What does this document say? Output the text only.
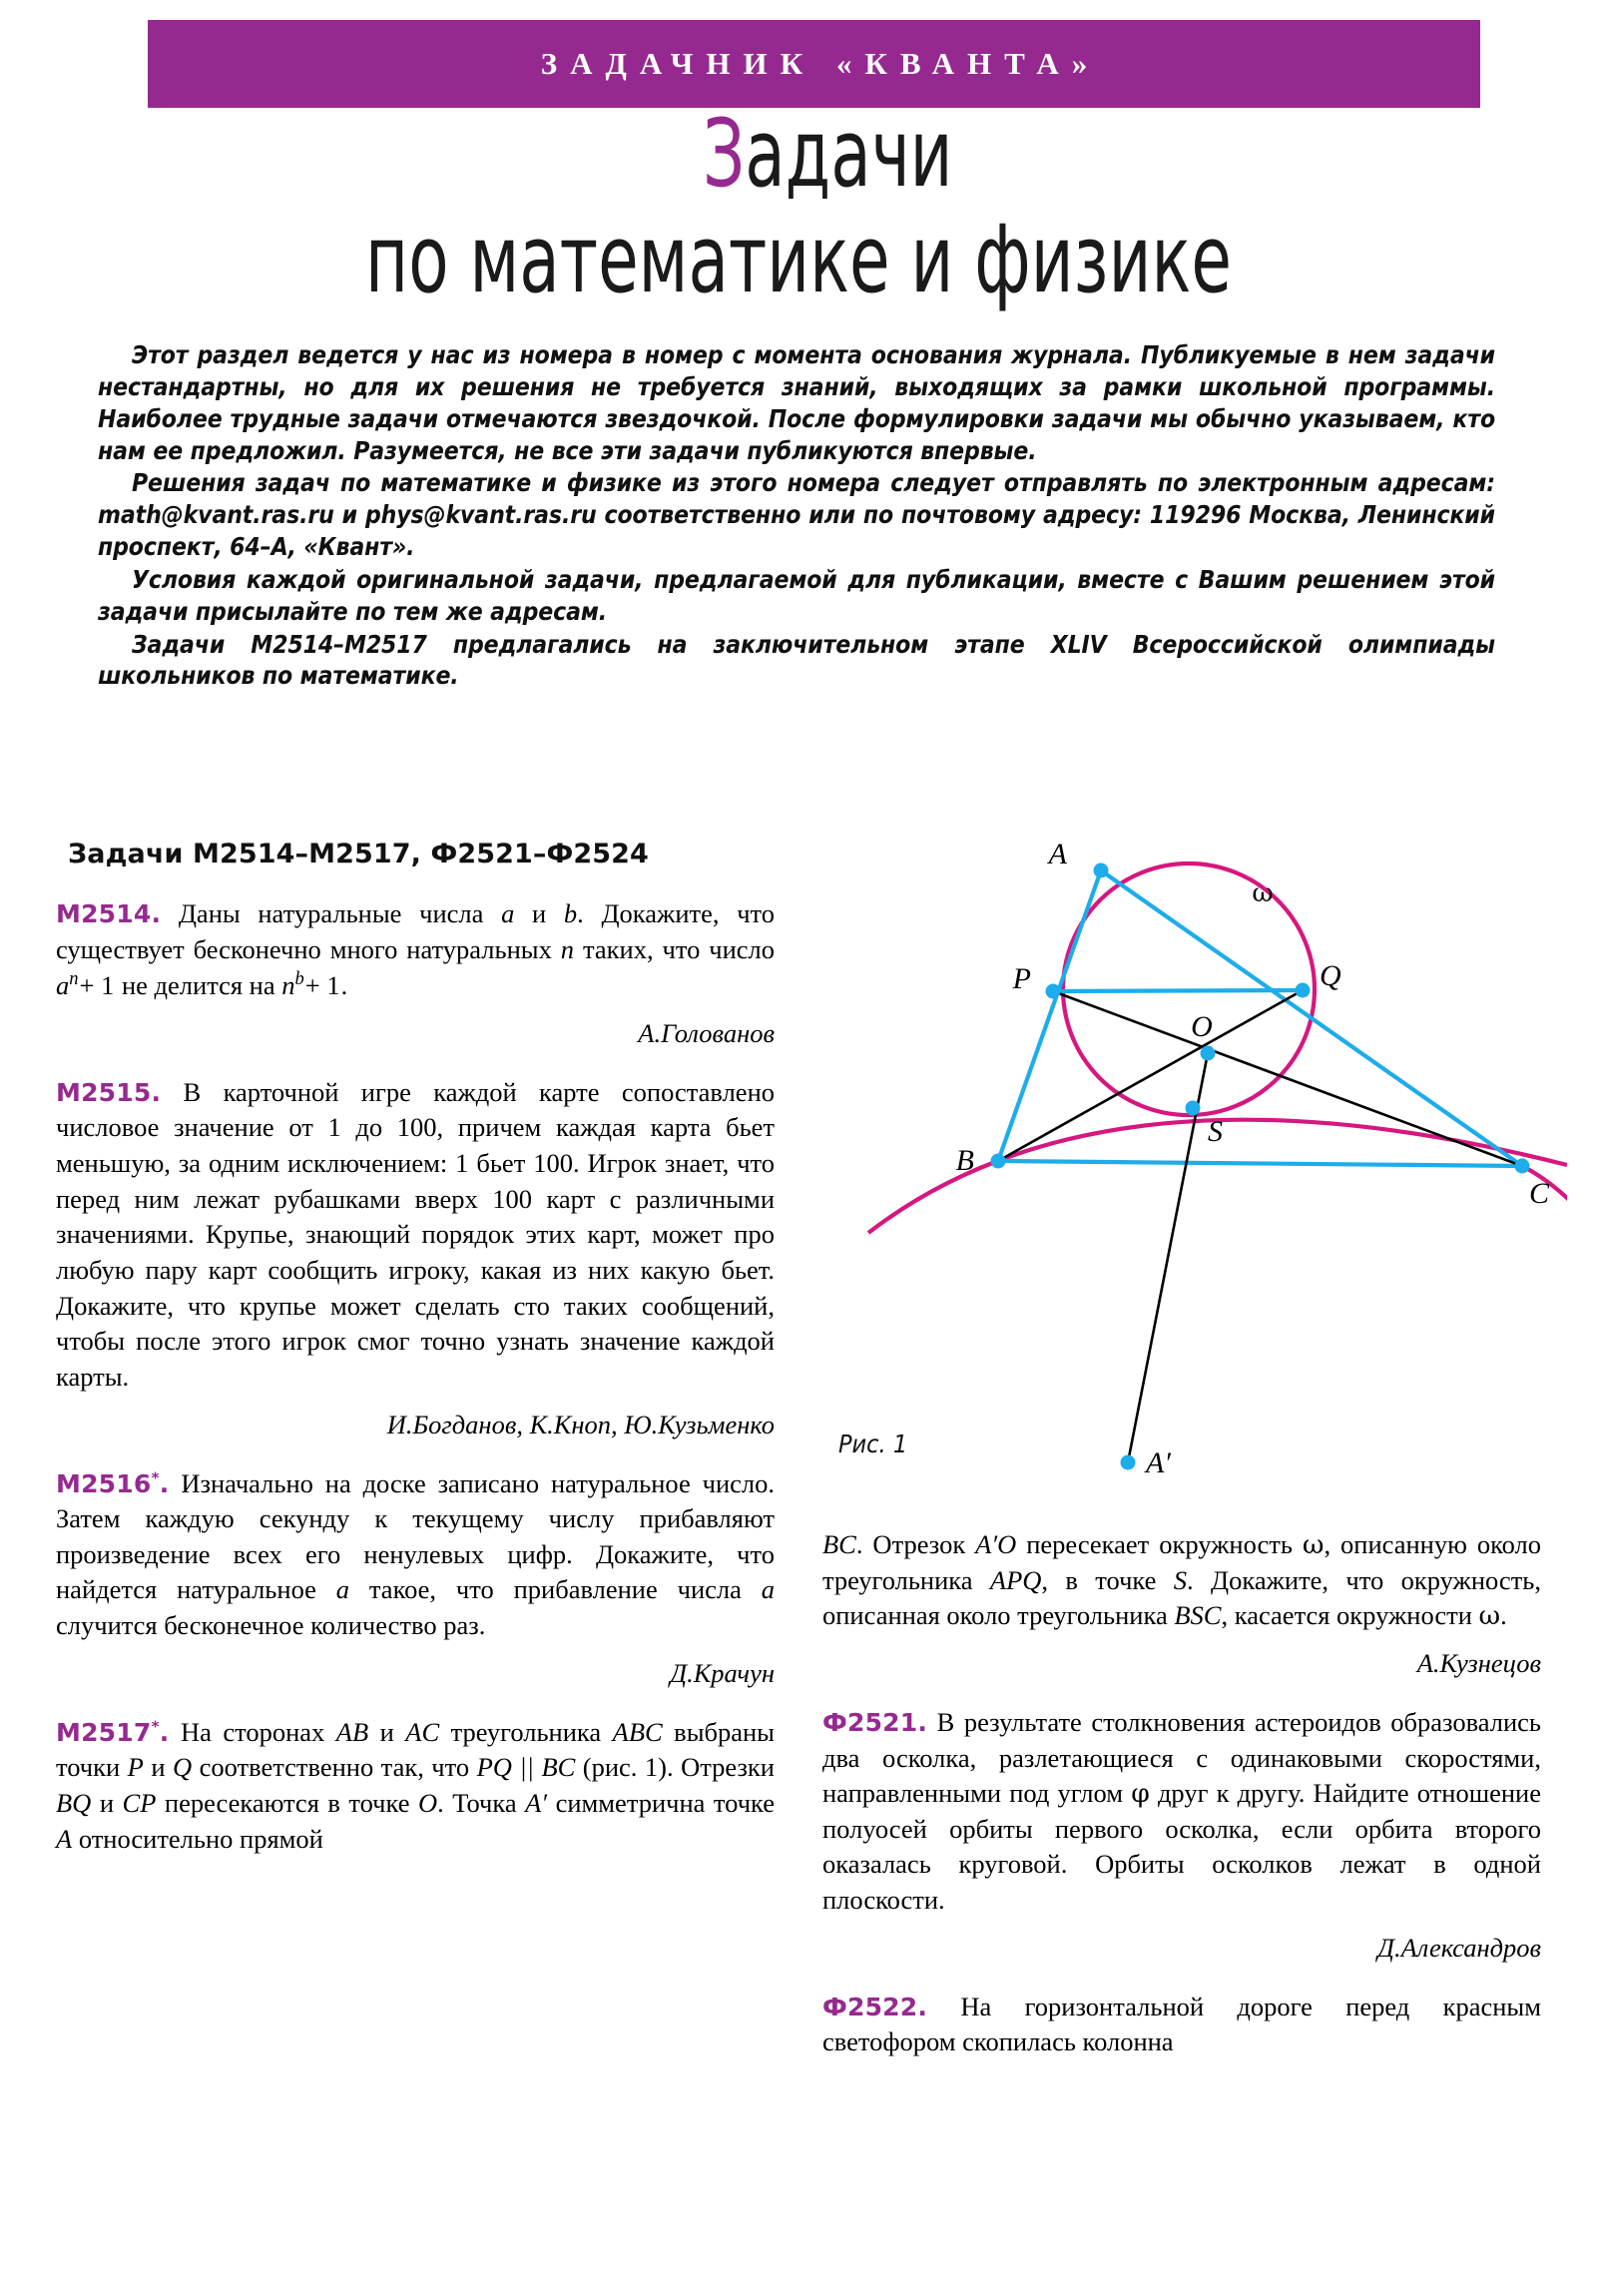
ЗАДАЧНИК «КВАНТА»
Задачи
по математике и физике

Этот раздел ведется у нас из номера в номер с момента основания журнала. Публикуемые в нем задачи нестандартны, но для их решения не требуется знаний, выходящих за рамки школьной программы. Наиболее трудные задачи отмечаются звездочкой. После формулировки задачи мы обычно указываем, кто нам ее предложил. Разумеется, не все эти задачи публикуются впервые.

Решения задач по математике и физике из этого номера следует отправлять по электронным адресам: math@kvant.ras.ru и phys@kvant.ras.ru соответственно или по почтовому адресу: 119296 Москва, Ленинский проспект, 64–А, «Квант».

Условия каждой оригинальной задачи, предлагаемой для публикации, вместе с Вашим решением этой задачи присылайте по тем же адресам.

Задачи М2514–М2517 предлагались на заключительном этапе XLIV Всероссийской олимпиады школьников по математике.

Задачи М2514–М2517, Ф2521–Ф2524
М2514. Даны натуральные числа a и b. Докажите, что существует бесконечно много натуральных n таких, что число $a^n+ 1$ не делится на $n^b+ 1$.
А.Голованов
М2515. В карточной игре каждой карте сопоставлено числовое значение от 1 до 100, причем каждая карта бьет меньшую, за одним исключением: 1 бьет 100. Игрок знает, что перед ним лежат рубашками вверх 100 карт с различными значениями. Крупье, знающий порядок этих карт, может про любую пару карт сообщить игроку, какая из них какую бьет. Докажите, что крупье может сделать сто таких сообщений, чтобы после этого игрок смог точно узнать значение каждой карты.
И.Богданов, К.Кноп, Ю.Кузьменко
М2516*. Изначально на доске записано натуральное число. Затем каждую секунду к текущему числу прибавляют произведение всех его ненулевых цифр. Докажите, что найдется натуральное a такое, что прибавление числа a случится бесконечное количество раз.
Д.Крачун
М2517*. На сторонах AB и AC треугольника ABC выбраны точки P и Q соответственно так, что PQ || BC (рис. 1). Отрезки BQ и CP пересекаются в точке O. Точка A′ симметрична точке A относительно прямой
A
B
C
P	Q
O
S
A′
ω
Рис. 1
BC. Отрезок A′O пересекает окружность ω, описанную около треугольника APQ, в точке S. Докажите, что окружность, описанная около треугольника BSC, касается окружности ω.
А.Кузнецов
Ф2521. В результате столкновения астероидов образовались два осколка, разлетающиеся с одинаковыми скоростями, направленными под углом φ друг к другу. Найдите отношение полуосей орбиты первого осколка, если орбита второго оказалась круговой. Орбиты осколков лежат в одной плоскости.
Д.Александров
Ф2522. На горизонтальной дороге перед красным светофором скопилась колонна
